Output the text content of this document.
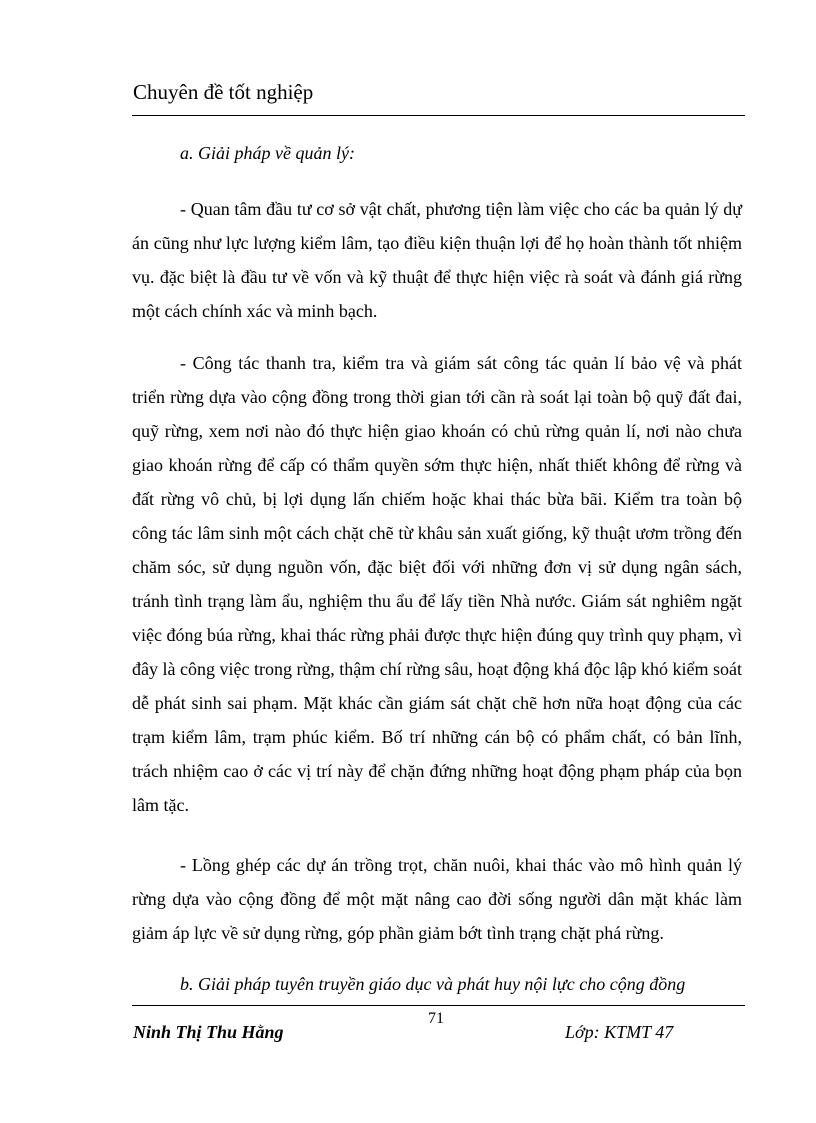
Chuyên đề tốt nghiệp
a. Giải pháp về quản lý:

- Quan tâm đầu tư cơ sở vật chất, phương tiện làm việc cho các ba quản lý dự án cũng như lực lượng kiểm lâm, tạo điều kiện thuận lợi để họ hoàn thành tốt nhiệm vụ. đặc biệt là đầu tư về vốn và kỹ thuật để thực hiện việc rà soát và đánh giá rừng một cách chính xác và minh bạch.

- Công tác thanh tra, kiểm tra và giám sát công tác quản lí bảo vệ và phát triển rừng dựa vào cộng đồng trong thời gian tới cần rà soát lại toàn bộ quỹ đất đai, quỹ rừng, xem nơi nào đó thực hiện giao khoán có chủ rừng quản lí, nơi nào chưa giao khoán rừng để cấp có thẩm quyền sớm thực hiện, nhất thiết không để rừng và đất rừng vô chủ, bị lợi dụng lấn chiếm hoặc khai thác bừa bãi. Kiểm tra toàn bộ công tác lâm sinh một cách chặt chẽ từ khâu sản xuất giống, kỹ thuật ươm trồng đến chăm sóc, sử dụng nguồn vốn, đặc biệt đối với những đơn vị sử dụng ngân sách, tránh tình trạng làm ẩu, nghiệm thu ẩu để lấy tiền Nhà nước. Giám sát nghiêm ngặt việc đóng búa rừng, khai thác rừng phải được thực hiện đúng quy trình quy phạm, vì đây là công việc trong rừng, thậm chí rừng sâu, hoạt động khá độc lập khó kiểm soát dễ phát sinh sai phạm. Mặt khác cần giám sát chặt chẽ hơn nữa hoạt động của các trạm kiểm lâm, trạm phúc kiểm. Bố trí những cán bộ có phẩm chất, có bản lĩnh, trách nhiệm cao ở các vị trí này để chặn đứng những hoạt động phạm pháp của bọn lâm tặc.

- Lồng ghép các dự án trồng trọt, chăn nuôi, khai thác vào mô hình quản lý rừng dựa vào cộng đồng để một mặt nâng cao đời sống người dân mặt khác làm giảm áp lực về sử dụng rừng, góp phần giảm bớt tình trạng chặt phá rừng.

b. Giải pháp tuyên truyền giáo dục và phát huy nội lực cho cộng đồng
71
Ninh Thị Thu Hằng	Lớp: KTMT 47
